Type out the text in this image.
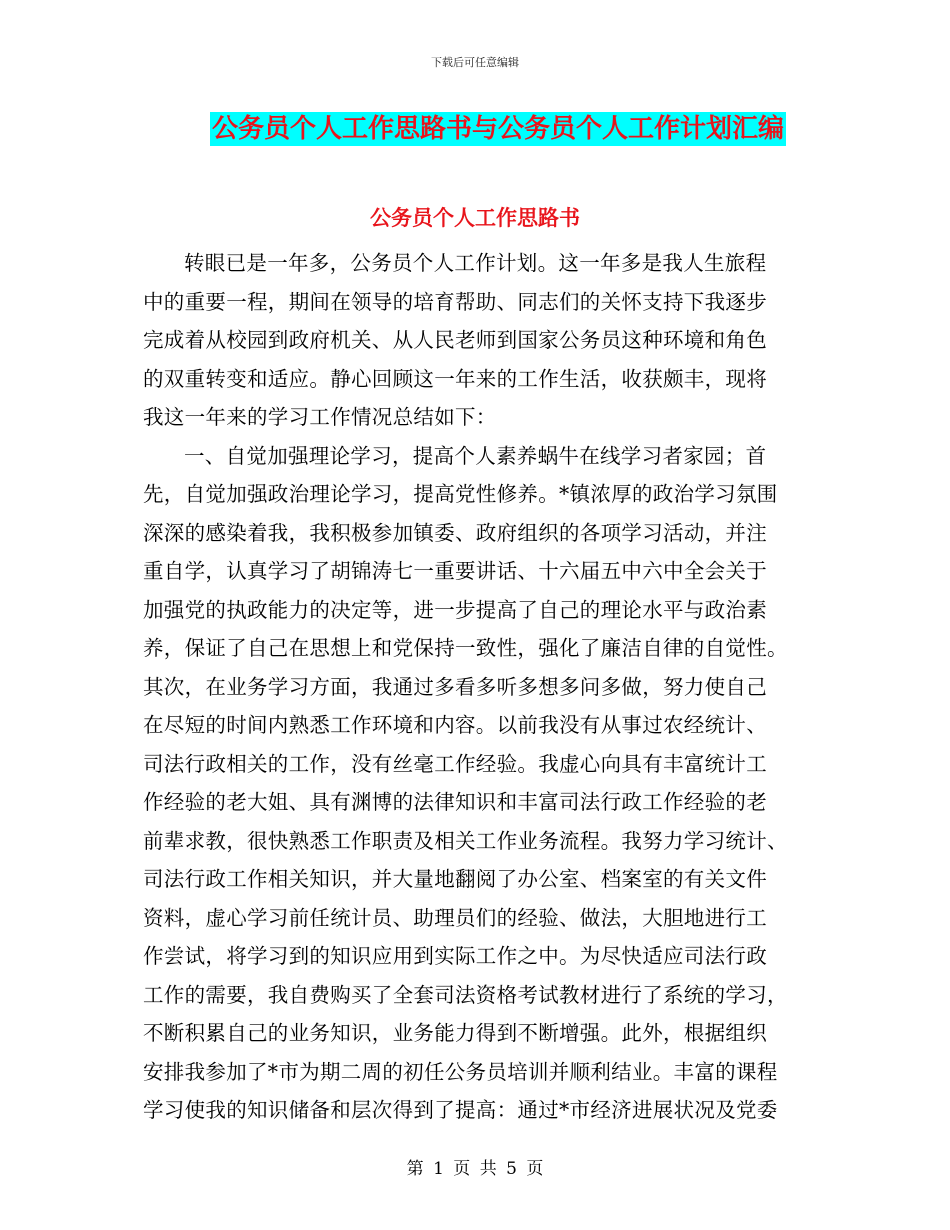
下载后可任意编辑
公务员个人工作思路书与公务员个人工作计划汇编
公务员个人工作思路书
转眼已是一年多，公务员个人工作计划。这一年多是我人生旅程
中的重要一程，期间在领导的培育帮助、同志们的关怀支持下我逐步
完成着从校园到政府机关、从人民老师到国家公务员这种环境和角色
的双重转变和适应。静心回顾这一年来的工作生活，收获颇丰，现将
我这一年来的学习工作情况总结如下：
一、自觉加强理论学习，提高个人素养蜗牛在线学习者家园；首
先，自觉加强政治理论学习，提高党性修养。*镇浓厚的政治学习氛围
深深的感染着我，我积极参加镇委、政府组织的各项学习活动，并注
重自学，认真学习了胡锦涛七一重要讲话、十六届五中六中全会关于
加强党的执政能力的决定等，进一步提高了自己的理论水平与政治素
养，保证了自己在思想上和党保持一致性，强化了廉洁自律的自觉性。
其次，在业务学习方面，我通过多看多听多想多问多做，努力使自己
在尽短的时间内熟悉工作环境和内容。以前我没有从事过农经统计、
司法行政相关的工作，没有丝毫工作经验。我虚心向具有丰富统计工
作经验的老大姐、具有渊博的法律知识和丰富司法行政工作经验的老
前辈求教，很快熟悉工作职责及相关工作业务流程。我努力学习统计、
司法行政工作相关知识，并大量地翻阅了办公室、档案室的有关文件
资料，虚心学习前任统计员、助理员们的经验、做法，大胆地进行工
作尝试，将学习到的知识应用到实际工作之中。为尽快适应司法行政
工作的需要，我自费购买了全套司法资格考试教材进行了系统的学习，
不断积累自己的业务知识，业务能力得到不断增强。此外，根据组织
安排我参加了*市为期二周的初任公务员培训并顺利结业。丰富的课程
学习使我的知识储备和层次得到了提高：通过*市经济进展状况及党委
第 1 页 共 5 页
